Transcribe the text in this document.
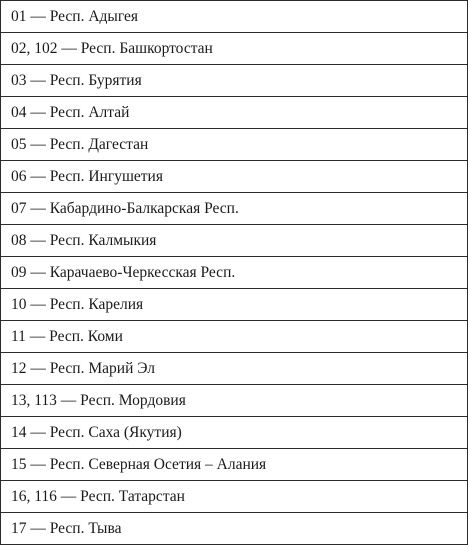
01 — Респ. Адыгея
02, 102 — Респ. Башкортостан
03 — Респ. Бурятия
04 — Респ. Алтай
05 — Респ. Дагестан
06 — Респ. Ингушетия
07 — Кабардино-Балкарская Респ.
08 — Респ. Калмыкия
09 — Карачаево-Черкесская Респ.
10 — Респ. Карелия
11 — Респ. Коми
12 — Респ. Марий Эл
13, 113 — Респ. Мордовия
14 — Респ. Саха (Якутия)
15 — Респ. Северная Осетия – Алания
16, 116 — Респ. Татарстан
17 — Респ. Тыва
